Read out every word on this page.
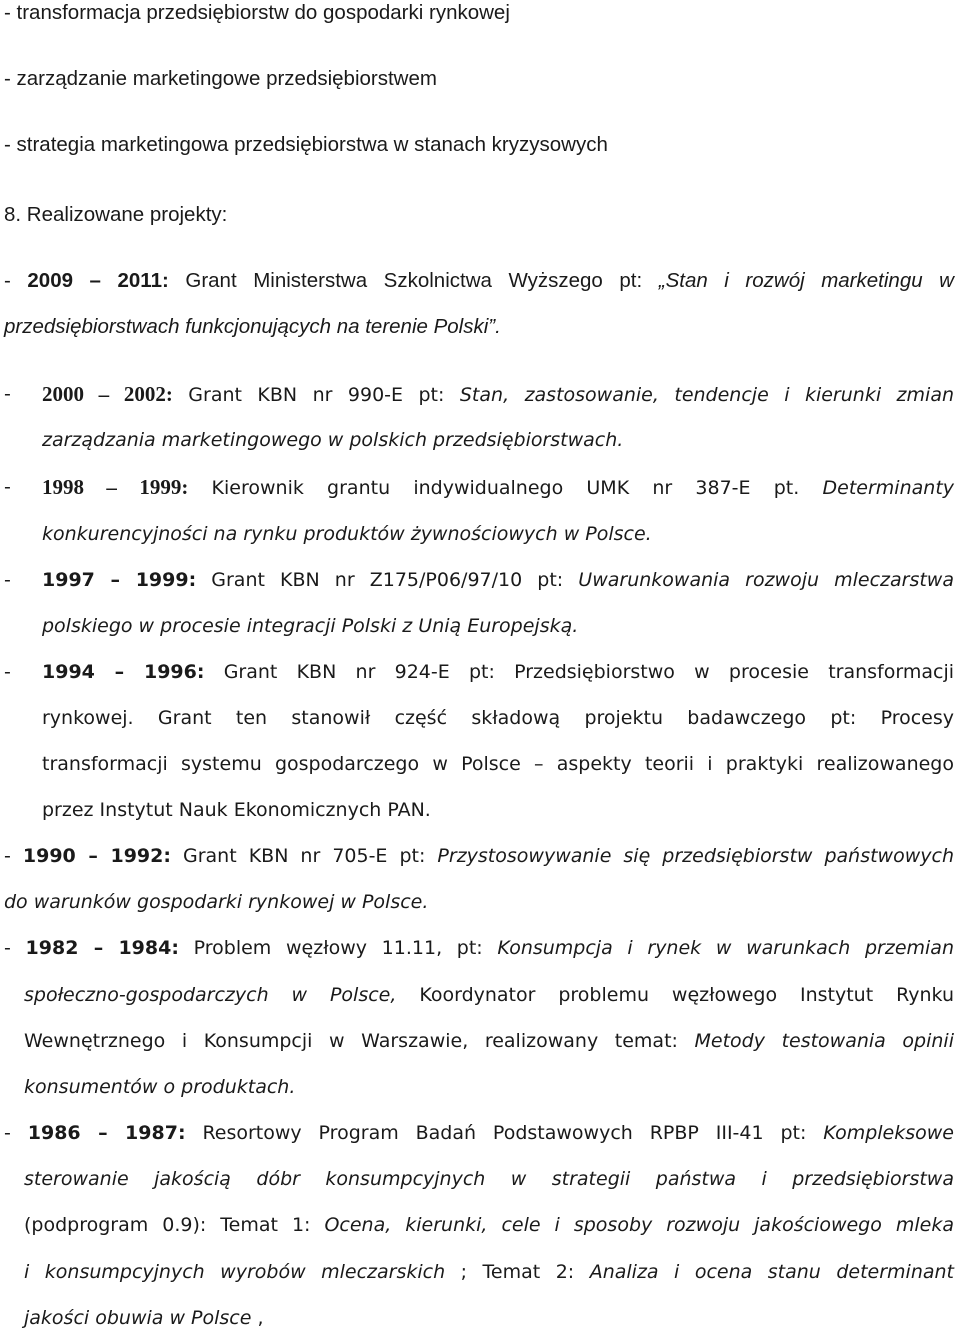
- transformacja przedsiębiorstw do gospodarki rynkowej
- zarządzanie marketingowe przedsiębiorstwem
- strategia marketingowa przedsiębiorstwa w stanach kryzysowych
8. Realizowane projekty:
- 2009 – 2011: Grant Ministerstwa Szkolnictwa Wyższego pt: „Stan i rozwój marketingu w
przedsiębiorstwach funkcjonujących na terenie Polski”.
- 2000 – 2002: Grant KBN nr 990-E pt: Stan, zastosowanie, tendencje i kierunki zmian
zarządzania marketingowego w polskich przedsiębiorstwach.
- 1998 – 1999: Kierownik grantu indywidualnego UMK nr 387-E pt. Determinanty
konkurencyjności na rynku produktów żywnościowych w Polsce.
- 1997 – 1999: Grant KBN nr Z175/P06/97/10 pt: Uwarunkowania rozwoju mleczarstwa
polskiego w procesie integracji Polski z Unią Europejską.
- 1994 – 1996: Grant KBN nr 924-E pt: Przedsiębiorstwo w procesie transformacji
rynkowej. Grant ten stanowił część składową projektu badawczego pt: Procesy
transformacji systemu gospodarczego w Polsce – aspekty teorii i praktyki realizowanego
przez Instytut Nauk Ekonomicznych PAN.
- 1990 – 1992: Grant KBN nr 705-E pt: Przystosowywanie się przedsiębiorstw państwowych
do warunków gospodarki rynkowej w Polsce.
- 1982 – 1984: Problem węzłowy 11.11, pt: Konsumpcja i rynek w warunkach przemian
społeczno-gospodarczych w Polsce, Koordynator problemu węzłowego Instytut Rynku
Wewnętrznego i Konsumpcji w Warszawie, realizowany temat: Metody testowania opinii
konsumentów o produktach.
- 1986 – 1987: Resortowy Program Badań Podstawowych RPBP III-41 pt: Kompleksowe
sterowanie jakością dóbr konsumpcyjnych w strategii państwa i przedsiębiorstwa
(podprogram 0.9): Temat 1: Ocena, kierunki, cele i sposoby rozwoju jakościowego mleka
i konsumpcyjnych wyrobów mleczarskich ; Temat 2: Analiza i ocena stanu determinant
jakości obuwia w Polsce ,
